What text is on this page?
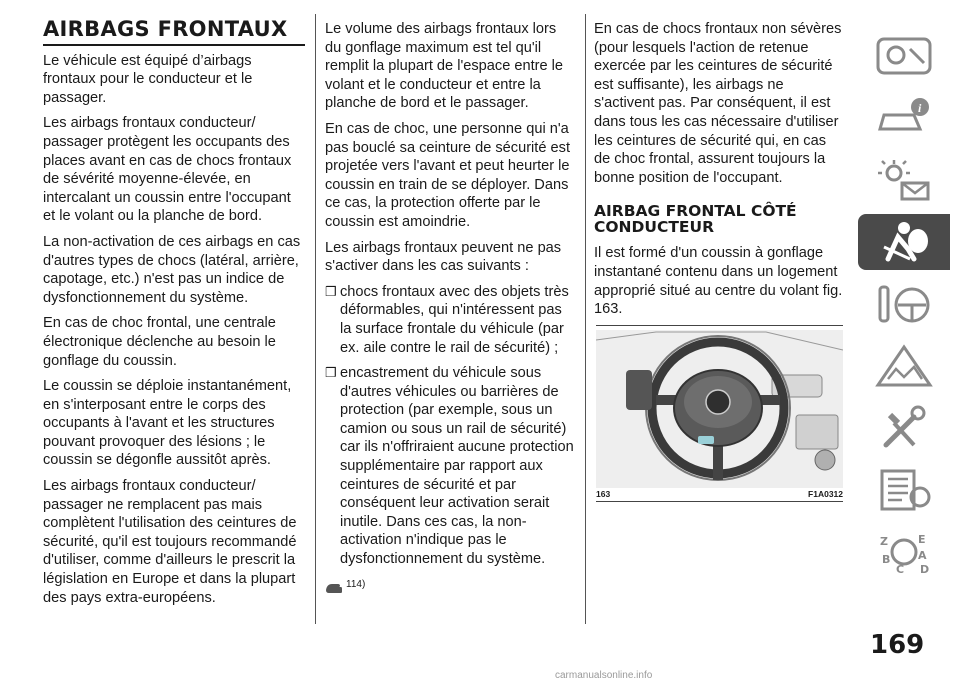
AIRBAGS FRONTAUX

Le véhicule est équipé d’airbags frontaux pour le conducteur et le passager.

Les airbags frontaux conducteur/ passager protègent les occupants des places avant en cas de chocs frontaux de sévérité moyenne-élevée, en intercalant un coussin entre l'occupant et le volant ou la planche de bord.

La non-activation de ces airbags en cas d'autres types de chocs (latéral, arrière, capotage, etc.) n'est pas un indice de dysfonctionnement du système.

En cas de choc frontal, une centrale électronique déclenche au besoin le gonflage du coussin.

Le coussin se déploie instantanément, en s'interposant entre le corps des occupants à l'avant et les structures pouvant provoquer des lésions ; le coussin se dégonfle aussitôt après.

Les airbags frontaux conducteur/ passager ne remplacent pas mais complètent l'utilisation des ceintures de sécurité, qu'il est toujours recommandé d'utiliser, comme d'ailleurs le prescrit la législation en Europe et dans la plupart des pays extra-européens.

Le volume des airbags frontaux lors du gonflage maximum est tel qu'il remplit la plupart de l'espace entre le volant et le conducteur et entre la planche de bord et le passager.

En cas de choc, une personne qui n'a pas bouclé sa ceinture de sécurité est projetée vers l'avant et peut heurter le coussin en train de se déployer. Dans ce cas, la protection offerte par le coussin est amoindrie.

Les airbags frontaux peuvent ne pas s'activer dans les cas suivants :

❒ chocs frontaux avec des objets très déformables, qui n'intéressent pas la surface frontale du véhicule (par ex. aile contre le rail de sécurité) ;
❒ encastrement du véhicule sous d'autres véhicules ou barrières de protection (par exemple, sous un camion ou sous un rail de sécurité) car ils n'offriraient aucune protection supplémentaire par rapport aux ceintures de sécurité et par conséquent leur activation serait inutile. Dans ces cas, la non-activation n'indique pas le dysfonctionnement du système.
114)

En cas de chocs frontaux non sévères (pour lesquels l'action de retenue exercée par les ceintures de sécurité est suffisante), les airbags ne s'activent pas. Par conséquent, il est dans tous les cas nécessaire d'utiliser les ceintures de sécurité qui, en cas de choc frontal, assurent toujours la bonne position de l'occupant.

AIRBAG FRONTAL CÔTÉ CONDUCTEUR

Il est formé d'un coussin à gonflage instantané contenu dans un logement approprié situé au centre du volant fig. 163.

163	F1A0312
i
Z	E
A
B
C D
169
carmanualsonline.info
